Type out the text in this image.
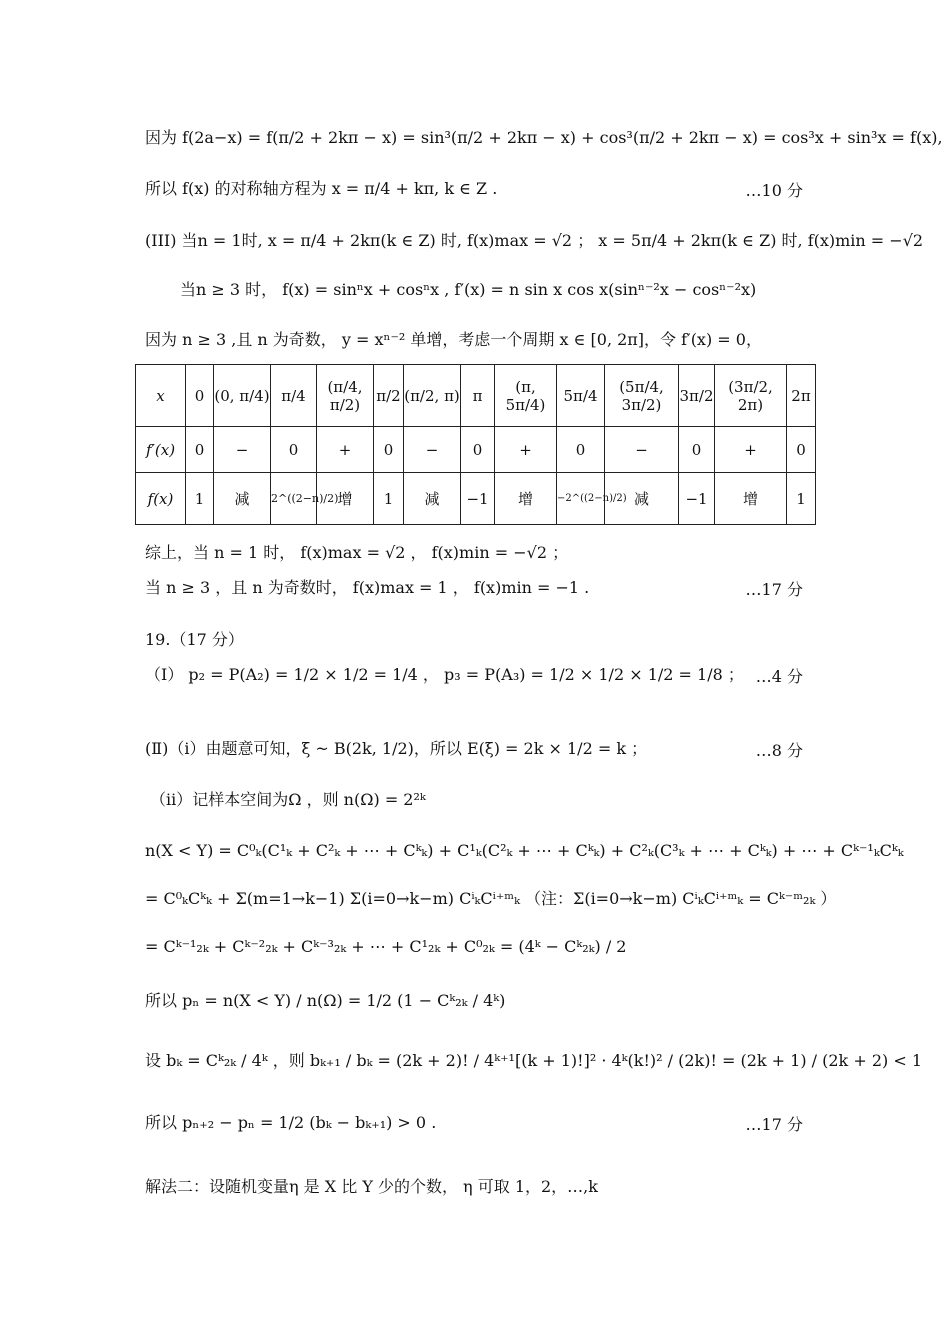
因为 f(2a−x) = f(π/2 + 2kπ − x) = sin³(π/2 + 2kπ − x) + cos³(π/2 + 2kπ − x) = cos³x + sin³x = f(x),
所以 f(x) 的对称轴方程为 x = π/4 + kπ, k ∈ Z .	…10 分
(III) 当n = 1时, x = π/4 + 2kπ(k ∈ Z) 时, f(x)max = √2 ； x = 5π/4 + 2kπ(k ∈ Z) 时, f(x)min = −√2
当n ≥ 3 时， f(x) = sinⁿx + cosⁿx , f′(x) = n sin x cos x(sinⁿ⁻²x − cosⁿ⁻²x)
因为 n ≥ 3 ,且 n 为奇数， y = xⁿ⁻² 单增，考虑一个周期 x ∈ [0, 2π]，令 f′(x) = 0，
x	0	(0, π/4)	π/4	(π/4, π/2)	π/2	(π/2, π)	π	(π, 5π/4)	5π/4	(5π/4, 3π/2)	3π/2	(3π/2, 2π)	2π
f′(x)	0	−	0	+	0	−	0	+	0	−	0	+	0
f(x)	1	减	2^((2−n)/2)	增	1	减	−1	增	−2^((2−n)/2)	减	−1	增	1
综上，当 n = 1 时， f(x)max = √2 ， f(x)min = −√2 ；
当 n ≥ 3 ，且 n 为奇数时， f(x)max = 1 ， f(x)min = −1 .	…17 分
19.（17 分）
（Ⅰ） p₂ = P(A₂) = 1/2 × 1/2 = 1/4 ， p₃ = P(A₃) = 1/2 × 1/2 × 1/2 = 1/8 ； …4 分
(Ⅱ)（i）由题意可知，ξ ~ B(2k, 1/2)，所以 E(ξ) = 2k × 1/2 = k ；	…8 分
（ii）记样本空间为Ω ，则 n(Ω) = 2²ᵏ
n(X < Y) = C⁰ₖ(C¹ₖ + C²ₖ + ⋯ + Cᵏₖ) + C¹ₖ(C²ₖ + ⋯ + Cᵏₖ) + C²ₖ(C³ₖ + ⋯ + Cᵏₖ) + ⋯ + Cᵏ⁻¹ₖCᵏₖ
= C⁰ₖCᵏₖ + Σ(m=1→k−1) Σ(i=0→k−m) CⁱₖCⁱ⁺ᵐₖ （注：Σ(i=0→k−m) CⁱₖCⁱ⁺ᵐₖ = Cᵏ⁻ᵐ₂ₖ ）
= Cᵏ⁻¹₂ₖ + Cᵏ⁻²₂ₖ + Cᵏ⁻³₂ₖ + ⋯ + C¹₂ₖ + C⁰₂ₖ = (4ᵏ − Cᵏ₂ₖ) / 2
所以 pₙ = n(X < Y) / n(Ω) = 1/2 (1 − Cᵏ₂ₖ / 4ᵏ)
设 bₖ = Cᵏ₂ₖ / 4ᵏ ，则 bₖ₊₁ / bₖ = (2k + 2)! / 4ᵏ⁺¹[(k + 1)!]² · 4ᵏ(k!)² / (2k)! = (2k + 1) / (2k + 2) < 1
所以 pₙ₊₂ − pₙ = 1/2 (bₖ − bₖ₊₁) > 0 .	…17 分
解法二：设随机变量η 是 X 比 Y 少的个数， η 可取 1，2，…,k
